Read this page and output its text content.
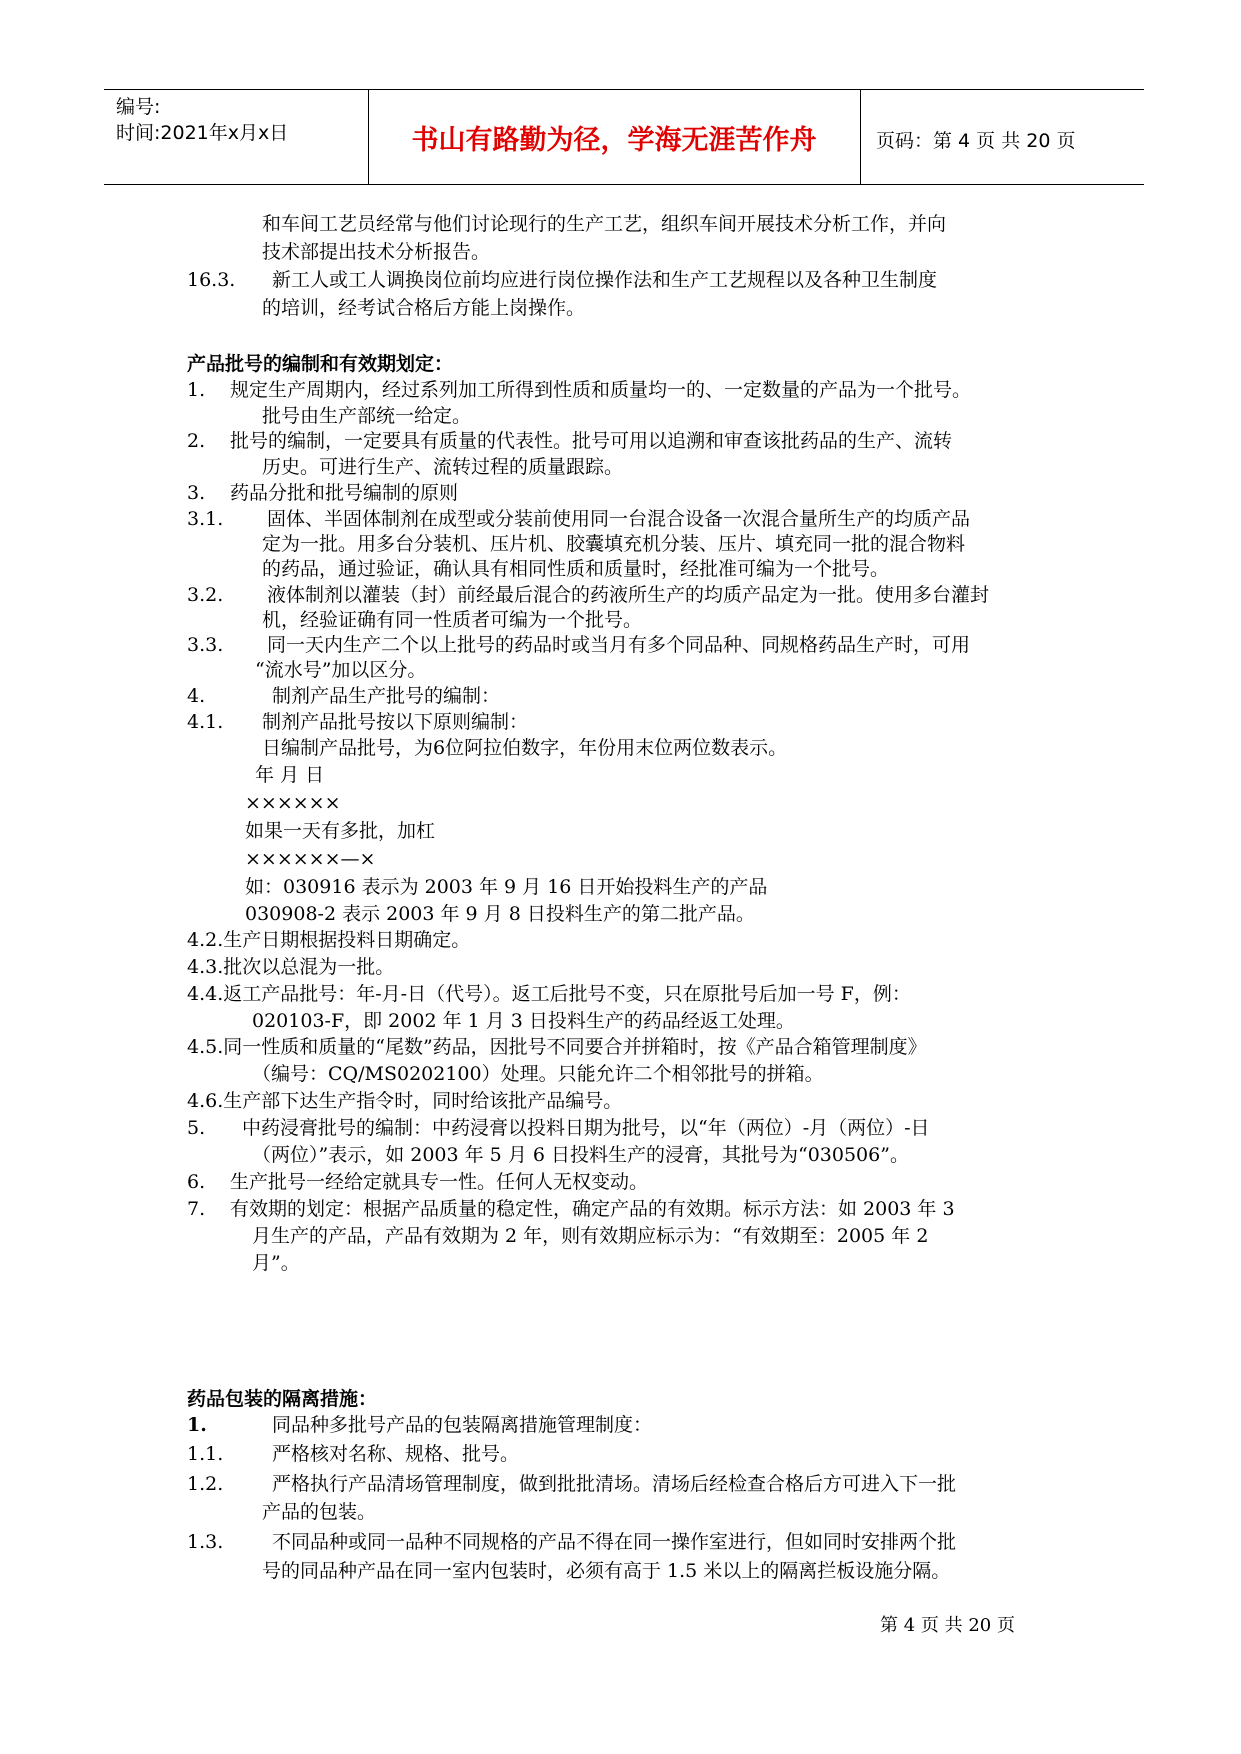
编号:
时间:2021年x月x日	书山有路勤为径，学海无涯苦作舟	页码：第 4 页 共 20 页
和车间工艺员经常与他们讨论现行的生产工艺，组织车间开展技术分析工作，并向
技术部提出技术分析报告。
16.3. 新工人或工人调换岗位前均应进行岗位操作法和生产工艺规程以及各种卫生制度
的培训，经考试合格后方能上岗操作。
产品批号的编制和有效期划定：
1. 规定生产周期内，经过系列加工所得到性质和质量均一的、一定数量的产品为一个批号。
批号由生产部统一给定。
2. 批号的编制，一定要具有质量的代表性。批号可用以追溯和审查该批药品的生产、流转
历史。可进行生产、流转过程的质量跟踪。
3. 药品分批和批号编制的原则
3.1. 固体、半固体制剂在成型或分装前使用同一台混合设备一次混合量所生产的均质产品
定为一批。用多台分装机、压片机、胶囊填充机分装、压片、填充同一批的混合物料
的药品，通过验证，确认具有相同性质和质量时，经批准可编为一个批号。
3.2. 液体制剂以灌装（封）前经最后混合的药液所生产的均质产品定为一批。使用多台灌封
机，经验证确有同一性质者可编为一个批号。
3.3. 同一天内生产二个以上批号的药品时或当月有多个同品种、同规格药品生产时，可用
“流水号”加以区分。
4.	制剂产品生产批号的编制：
4.1. 制剂产品批号按以下原则编制：
日编制产品批号，为6位阿拉伯数字，年份用末位两位数表示。
年 月 日
××××××
如果一天有多批，加杠
××××××—×
如：030916 表示为 2003 年 9 月 16 日开始投料生产的产品
030908-2 表示 2003 年 9 月 8 日投料生产的第二批产品。
4.2.生产日期根据投料日期确定。
4.3.批次以总混为一批。
4.4.返工产品批号：年-月-日（代号）。返工后批号不变，只在原批号后加一号 F，例：
020103-F，即 2002 年 1 月 3 日投料生产的药品经返工处理。
4.5.同一性质和质量的“尾数”药品，因批号不同要合并拼箱时，按《产品合箱管理制度》
（编号：CQ/MS0202100）处理。只能允许二个相邻批号的拼箱。
4.6.生产部下达生产指令时，同时给该批产品编号。
5. 中药浸膏批号的编制：中药浸膏以投料日期为批号，以“年（两位）-月（两位）-日
（两位）”表示，如 2003 年 5 月 6 日投料生产的浸膏，其批号为“030506”。
6. 生产批号一经给定就具专一性。任何人无权变动。
7. 有效期的划定：根据产品质量的稳定性，确定产品的有效期。标示方法：如 2003 年 3
月生产的产品，产品有效期为 2 年，则有效期应标示为：“有效期至：2005 年 2
月”。
药品包装的隔离措施：
1.	同品种多批号产品的包装隔离措施管理制度：
1.1.	严格核对名称、规格、批号。
1.2.	严格执行产品清场管理制度，做到批批清场。清场后经检查合格后方可进入下一批
产品的包装。
1.3.	不同品种或同一品种不同规格的产品不得在同一操作室进行，但如同时安排两个批
号的同品种产品在同一室内包装时，必须有高于 1.5 米以上的隔离拦板设施分隔。
第 4 页 共 20 页
